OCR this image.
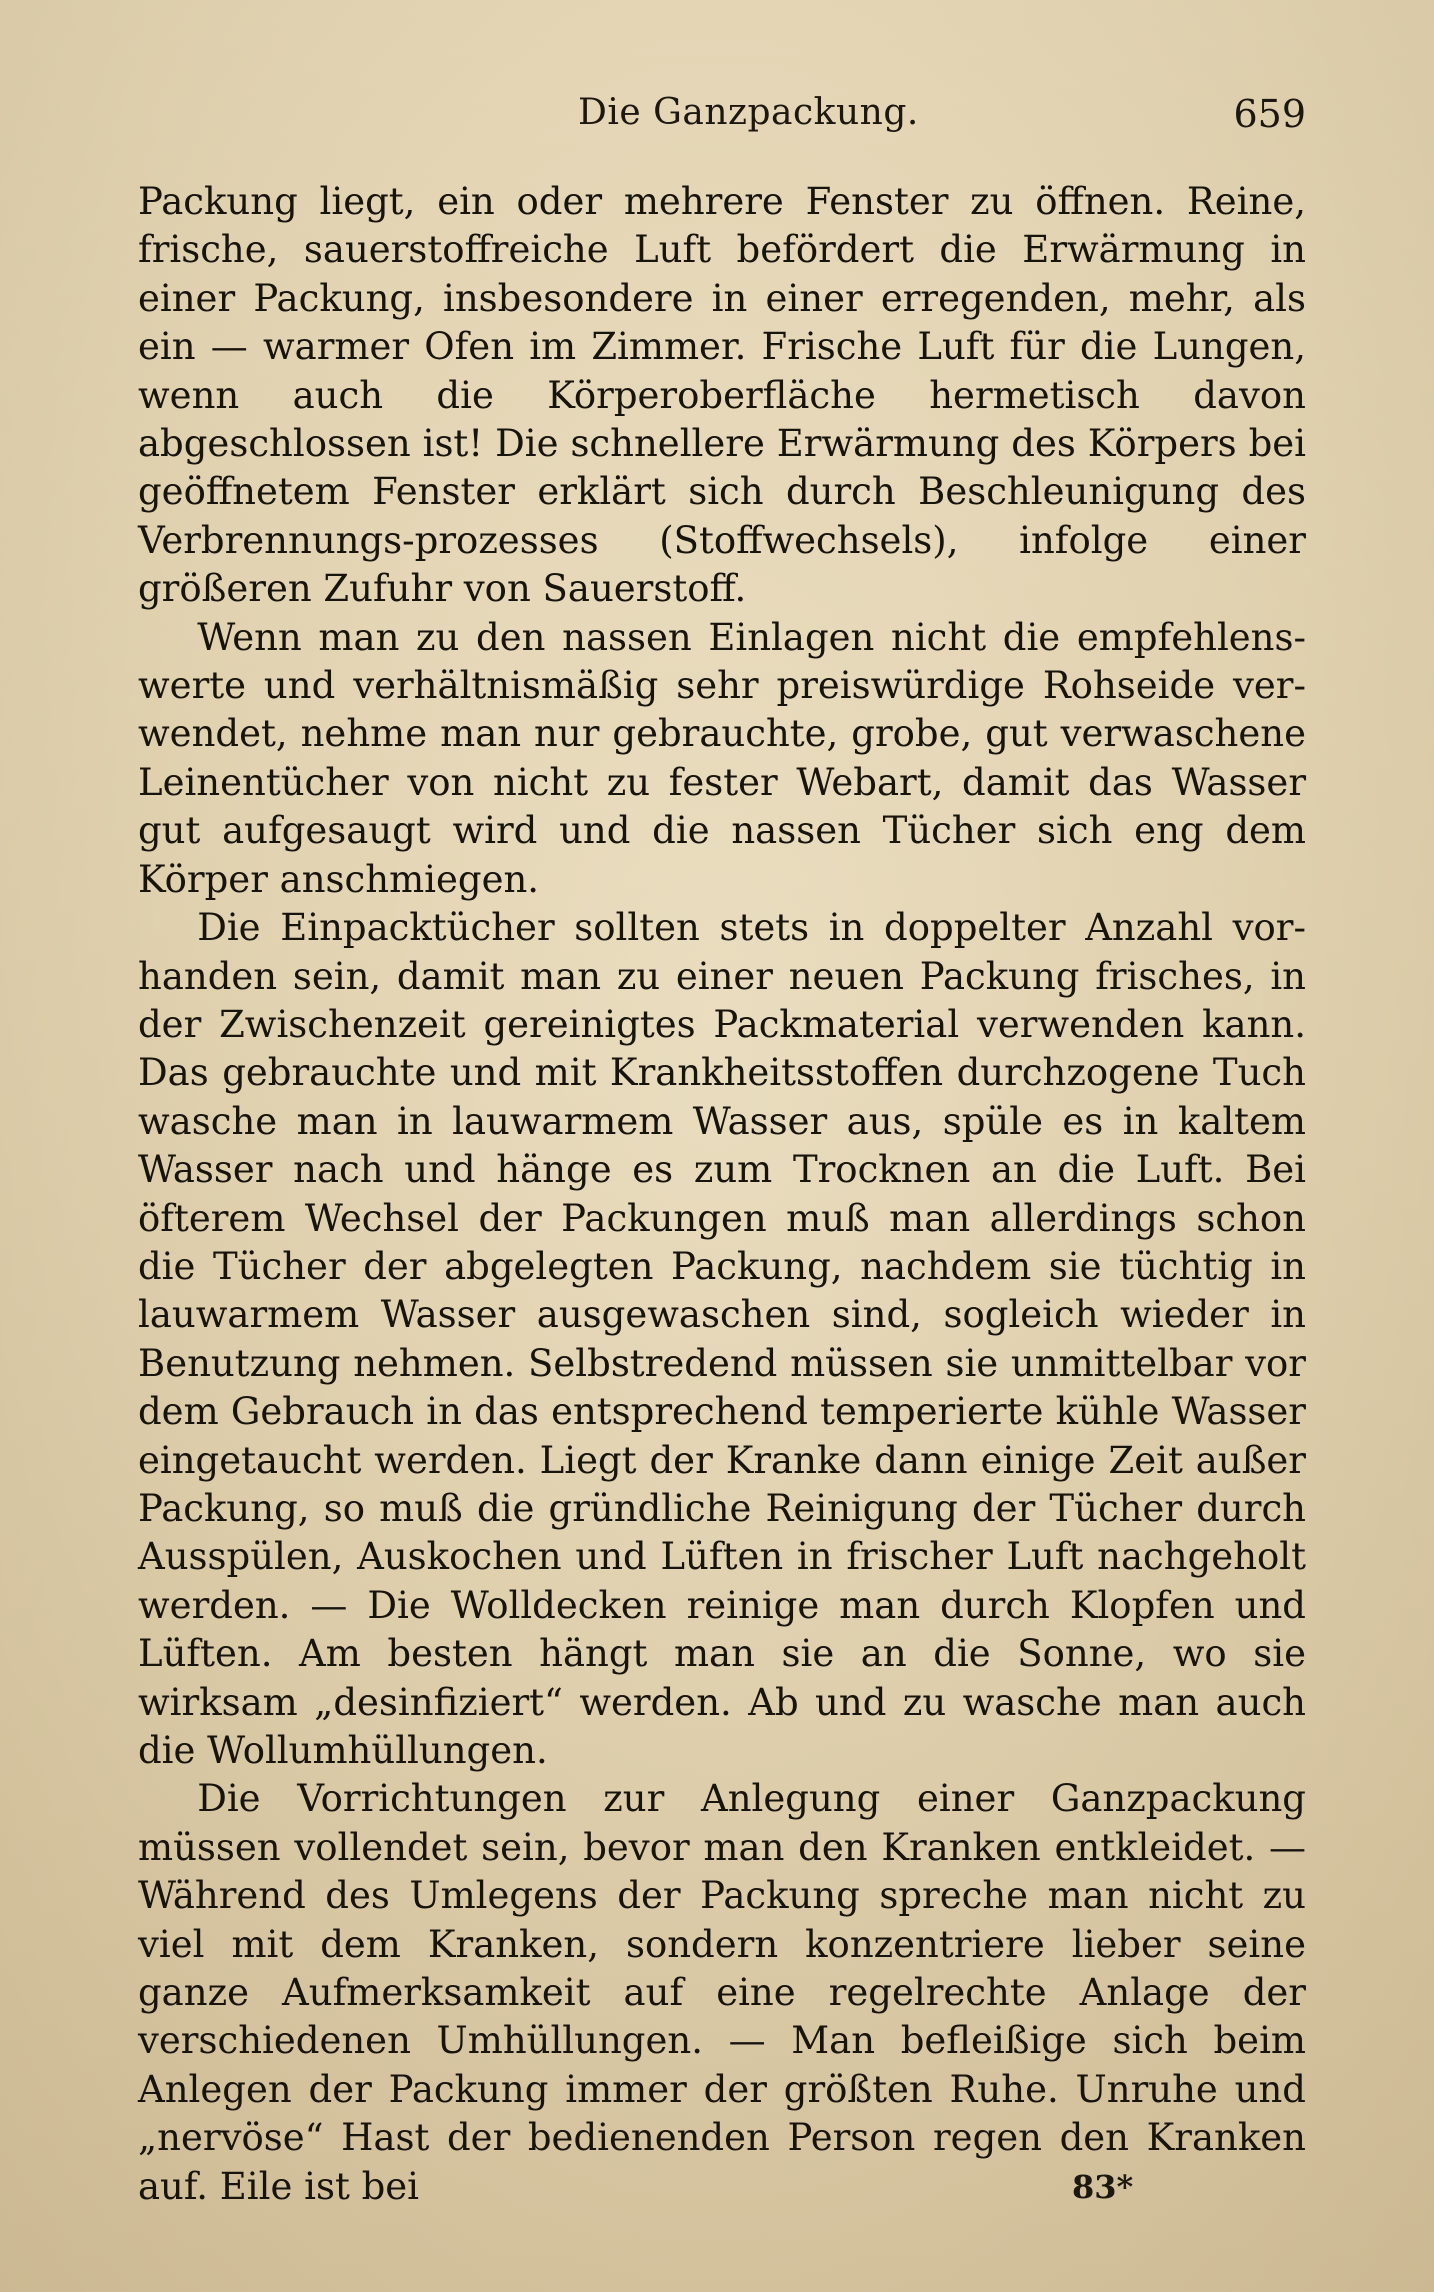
Die Ganzpackung.	659

Packung liegt, ein oder mehrere Fenster zu öffnen. Reine, frische, sauerstoffreiche Luft befördert die Erwärmung in einer Packung, insbesondere in einer erregenden, mehr, als ein — warmer Ofen im Zimmer. Frische Luft für die Lungen, wenn auch die Körperoberfläche hermetisch davon abgeschlossen ist! Die schnellere Erwärmung des Körpers bei geöffnetem Fenster erklärt sich durch Beschleunigung des Verbrennungs-prozesses (Stoffwechsels), infolge einer größeren Zufuhr von Sauerstoff.

Wenn man zu den nassen Einlagen nicht die empfehlens-werte und verhältnismäßig sehr preiswürdige Rohseide ver-wendet, nehme man nur gebrauchte, grobe, gut verwaschene Leinentücher von nicht zu fester Webart, damit das Wasser gut aufgesaugt wird und die nassen Tücher sich eng dem Körper anschmiegen.

Die Einpacktücher sollten stets in doppelter Anzahl vor-handen sein, damit man zu einer neuen Packung frisches, in der Zwischenzeit gereinigtes Packmaterial verwenden kann. Das gebrauchte und mit Krankheitsstoffen durchzogene Tuch wasche man in lauwarmem Wasser aus, spüle es in kaltem Wasser nach und hänge es zum Trocknen an die Luft. Bei öfterem Wechsel der Packungen muß man allerdings schon die Tücher der abgelegten Packung, nachdem sie tüchtig in lauwarmem Wasser ausgewaschen sind, sogleich wieder in Benutzung nehmen. Selbstredend müssen sie unmittelbar vor dem Gebrauch in das entsprechend temperierte kühle Wasser eingetaucht werden. Liegt der Kranke dann einige Zeit außer Packung, so muß die gründliche Reinigung der Tücher durch Ausspülen, Auskochen und Lüften in frischer Luft nachgeholt werden. — Die Wolldecken reinige man durch Klopfen und Lüften. Am besten hängt man sie an die Sonne, wo sie wirksam „desinfiziert“ werden. Ab und zu wasche man auch die Wollumhüllungen.

Die Vorrichtungen zur Anlegung einer Ganzpackung müssen vollendet sein, bevor man den Kranken entkleidet. — Während des Umlegens der Packung spreche man nicht zu viel mit dem Kranken, sondern konzentriere lieber seine ganze Aufmerksamkeit auf eine regelrechte Anlage der verschiedenen Umhüllungen. — Man befleißige sich beim Anlegen der Packung immer der größten Ruhe. Unruhe und „nervöse“ Hast der bedienenden Person regen den Kranken auf. Eile ist bei	83*
